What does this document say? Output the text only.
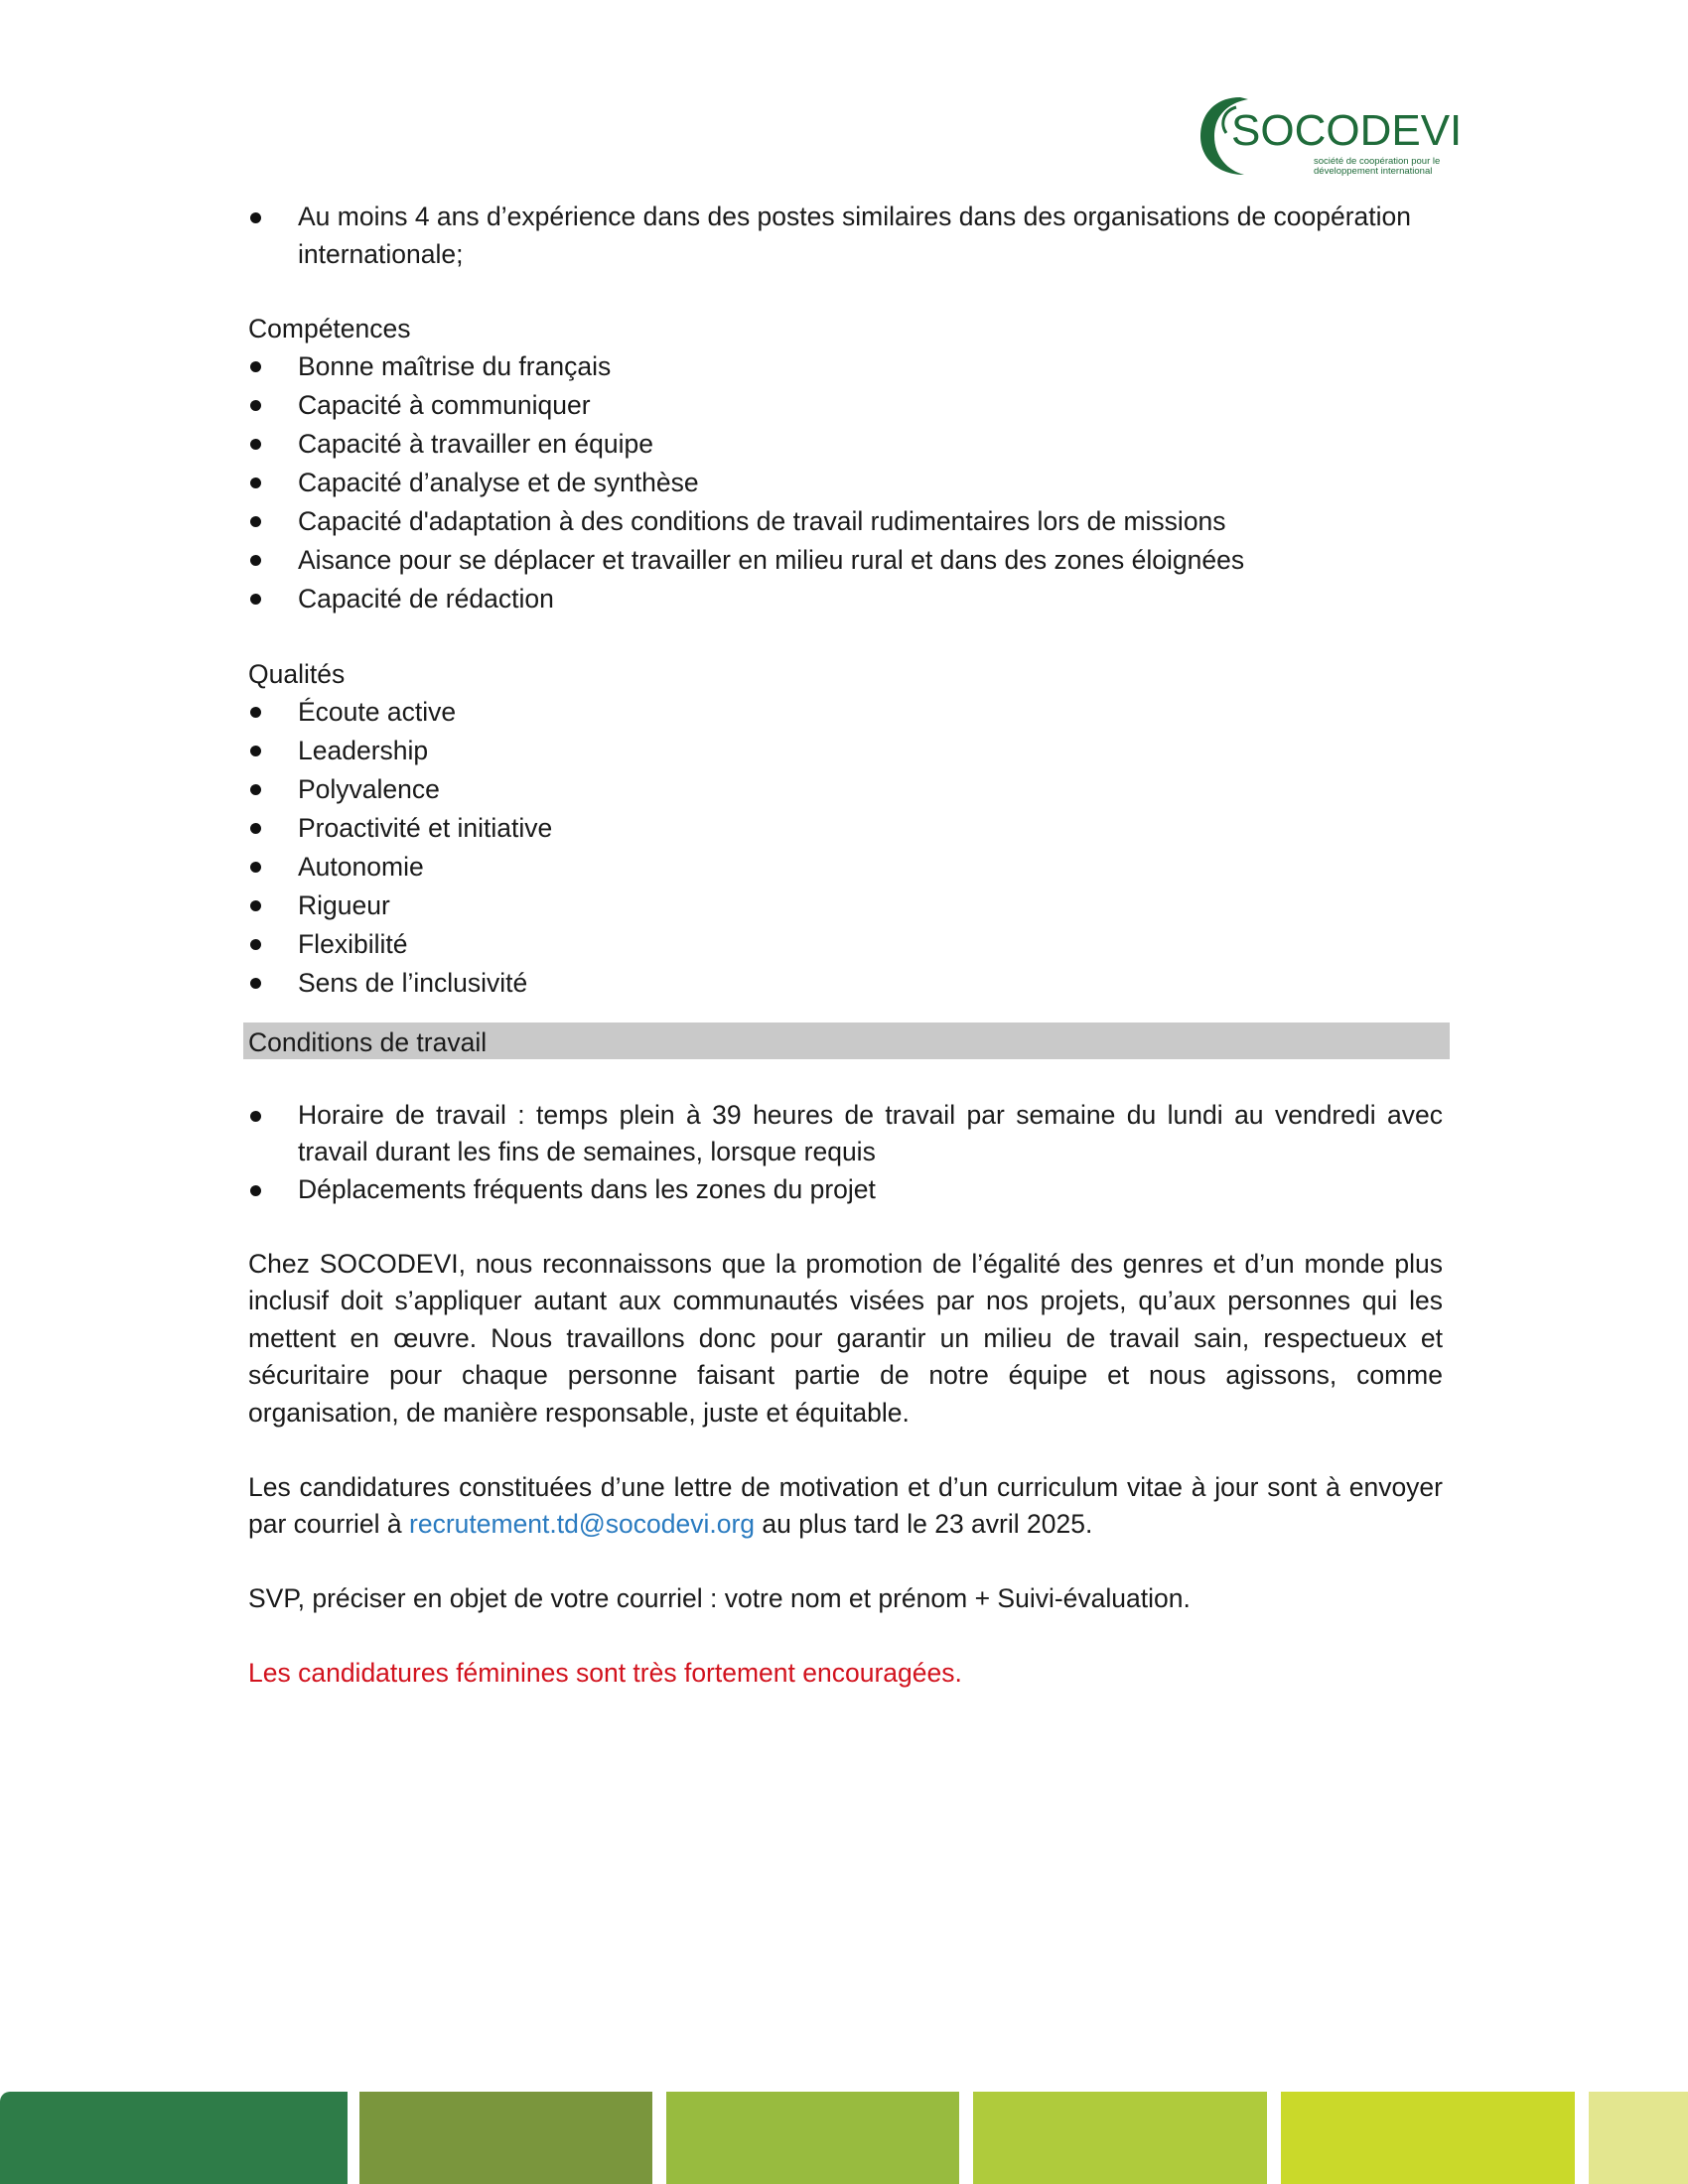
SOCODEVI
société de coopération pour le
développement international
Au moins 4 ans d’expérience dans des postes similaires dans des organisations de coopération
internationale;
Compétences
Bonne maîtrise du français
Capacité à communiquer
Capacité à travailler en équipe
Capacité d’analyse et de synthèse
Capacité d'adaptation à des conditions de travail rudimentaires lors de missions
Aisance pour se déplacer et travailler en milieu rural et dans des zones éloignées
Capacité de rédaction
Qualités
Écoute active
Leadership
Polyvalence
Proactivité et initiative
Autonomie
Rigueur
Flexibilité
Sens de l’inclusivité
Conditions de travail
Horaire de travail : temps plein à 39 heures de travail par semaine du lundi au vendredi avec travail durant les fins de semaines, lorsque requis
Déplacements fréquents dans les zones du projet

Chez SOCODEVI, nous reconnaissons que la promotion de l’égalité des genres et d’un monde plus inclusif doit s’appliquer autant aux communautés visées par nos projets, qu’aux personnes qui les mettent en œuvre. Nous travaillons donc pour garantir un milieu de travail sain, respectueux et sécuritaire pour chaque personne faisant partie de notre équipe et nous agissons, comme organisation, de manière responsable, juste et équitable.

Les candidatures constituées d’une lettre de motivation et d’un curriculum vitae à jour sont à envoyer par courriel à recrutement.td@socodevi.org au plus tard le 23 avril 2025.

SVP, préciser en objet de votre courriel : votre nom et prénom + Suivi-évaluation.

Les candidatures féminines sont très fortement encouragées.
